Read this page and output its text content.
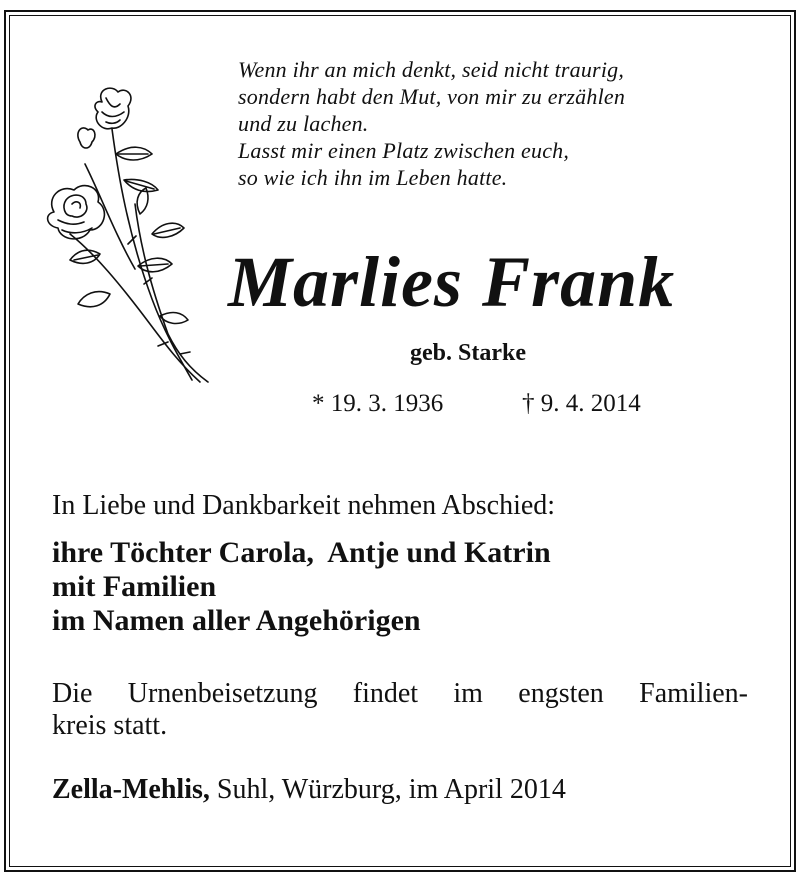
Wenn ihr an mich denkt, seid nicht traurig,
sondern habt den Mut, von mir zu erzählen
und zu lachen.
Lasst mir einen Platz zwischen euch,
so wie ich ihn im Leben hatte.
Marlies Frank
geb. Starke
* 19. 3. 1936	† 9. 4. 2014
In Liebe und Dankbarkeit nehmen Abschied:
ihre Töchter Carola,  Antje und Katrin
mit Familien
im Namen aller Angehörigen
Die Urnenbeisetzung findet im engsten Familien-
kreis statt.
Zella-Mehlis, Suhl, Würzburg, im April 2014
